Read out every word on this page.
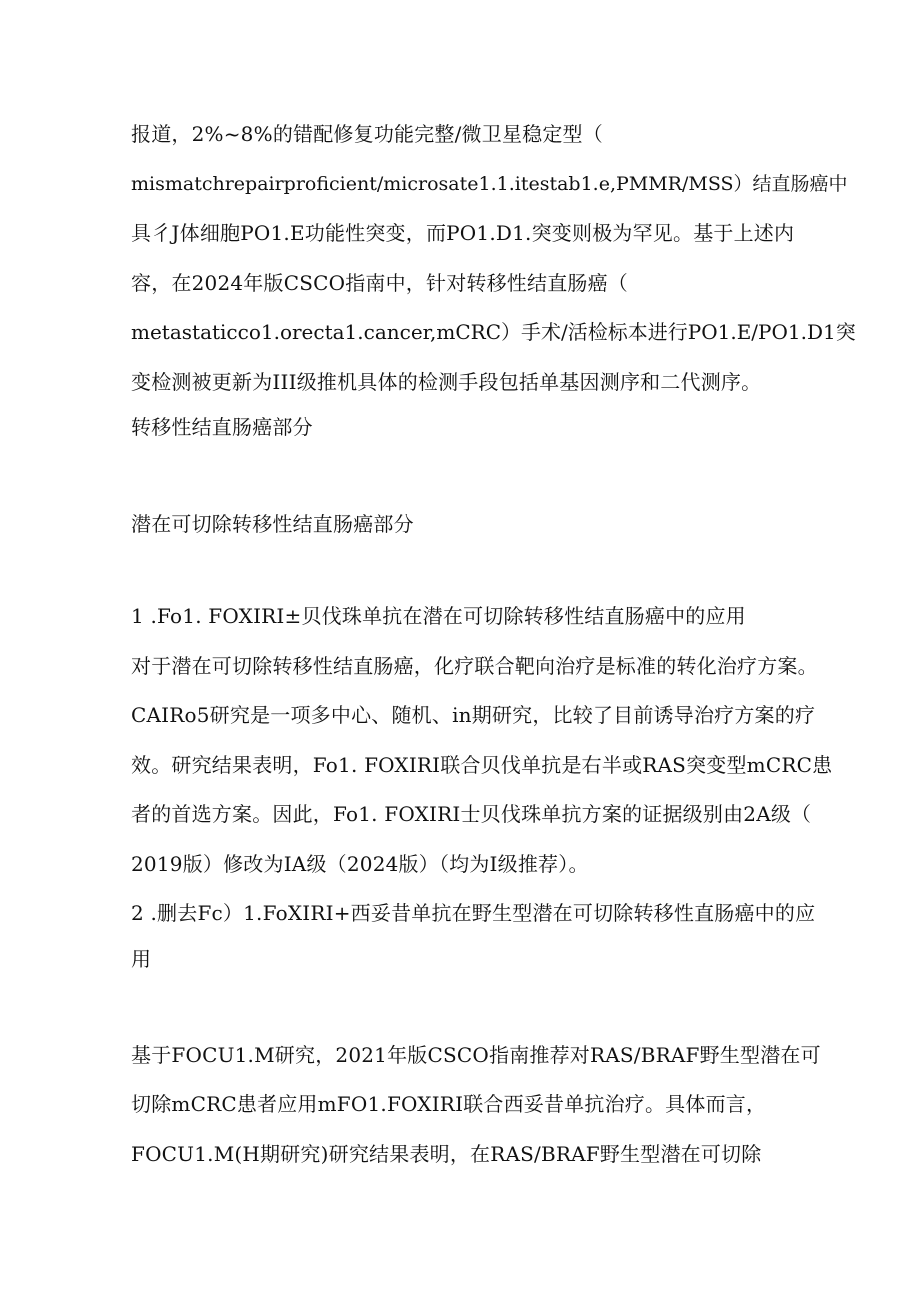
报道，2%~8%的错配修复功能完整/微卫星稳定型（
mismatchrepairproficient/microsate1.1.itestab1.e,PMMR/MSS）结直肠癌中
具彳J体细胞PO1.E功能性突变，而PO1.D1.突变则极为罕见。基于上述内
容，在2024年版CSCO指南中，针对转移性结直肠癌（
metastaticco1.orecta1.cancer,mCRC）手术/活检标本进行PO1.E/PO1.D1突
变检测被更新为III级推机具体的检测手段包括单基因测序和二代测序。
转移性结直肠癌部分
潜在可切除转移性结直肠癌部分
1 .Fo1. FOXIRI±贝伐珠单抗在潜在可切除转移性结直肠癌中的应用
对于潜在可切除转移性结直肠癌，化疗联合靶向治疗是标准的转化治疗方案。
CAIRo5研究是一项多中心、随机、in期研究，比较了目前诱导治疗方案的疗
效。研究结果表明，Fo1. FOXIRI联合贝伐单抗是右半或RAS突变型mCRC患
者的首选方案。因此，Fo1. FOXIRI士贝伐珠单抗方案的证据级别由2A级（
2019版）修改为IA级（2024版）（均为I级推荐）。
2 .删去Fc）1.FoXIRI+西妥昔单抗在野生型潜在可切除转移性直肠癌中的应
用
基于FOCU1.M研究，2021年版CSCO指南推荐对RAS/BRAF野生型潜在可
切除mCRC患者应用mFO1.FOXIRI联合西妥昔单抗治疗。具体而言，
FOCU1.M(H期研究)研究结果表明，在RAS/BRAF野生型潜在可切除
